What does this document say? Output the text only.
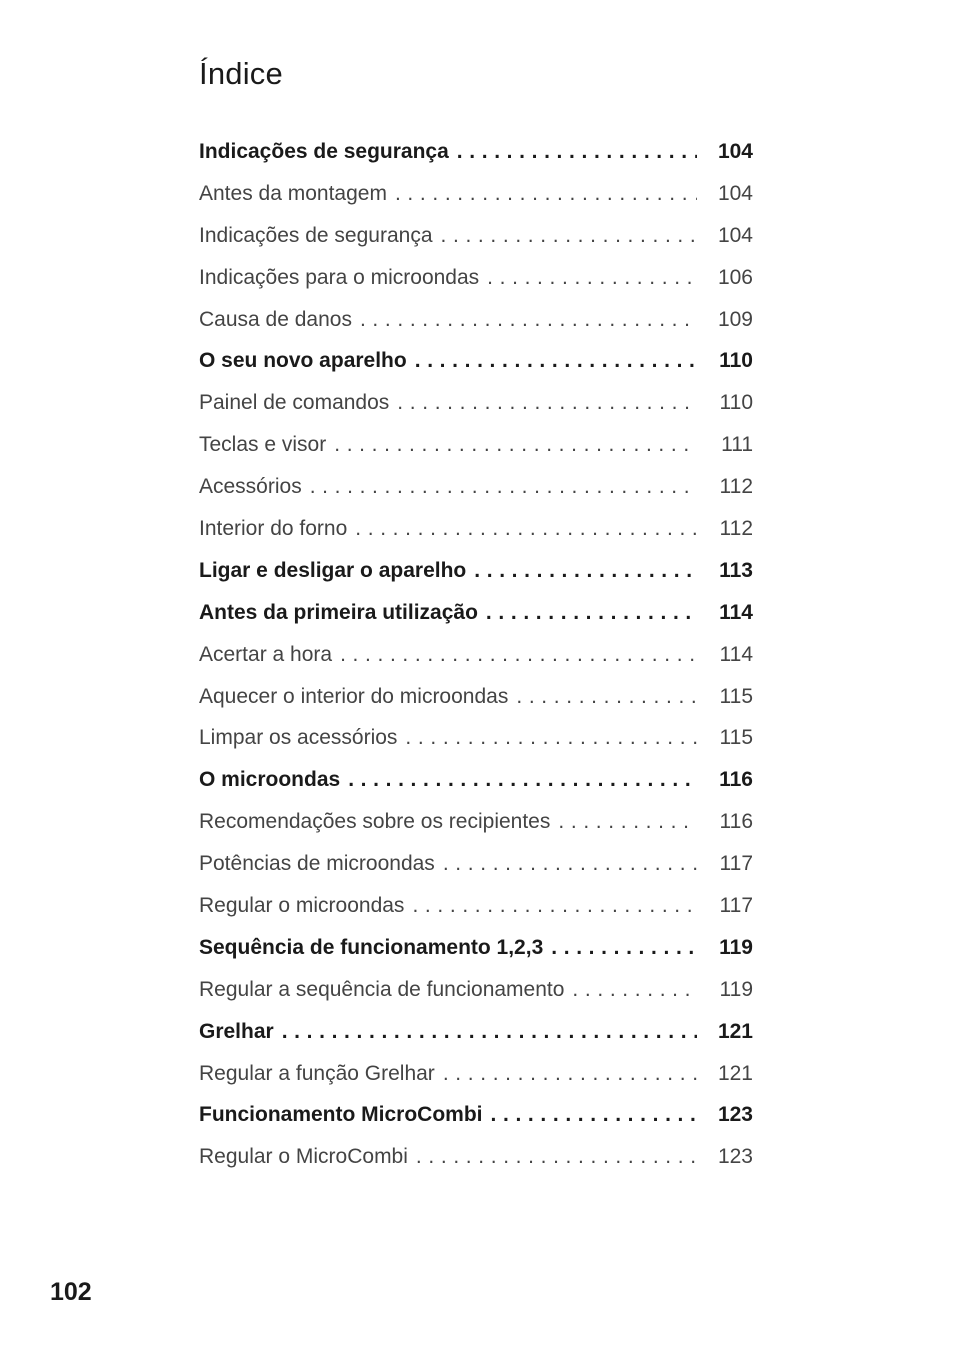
Índice
Indicações de segurança . . .	104
Antes da montagem . . .	104
Indicações de segurança . . .	104
Indicações para o microondas . . .	106
Causa de danos . . .	109
O seu novo aparelho . . .	110
Painel de comandos . . .	110
Teclas e visor . . .	111
Acessórios . . .	112
Interior do forno . . .	112
Ligar e desligar o aparelho . . .	113
Antes da primeira utilização . . .	114
Acertar a hora . . .	114
Aquecer o interior do microondas . . .	115
Limpar os acessórios . . .	115
O microondas . . .	116
Recomendações sobre os recipientes . . .	116
Potências de microondas . . .	117
Regular o microondas . . .	117
Sequência de funcionamento 1,2,3 . . .	119
Regular a sequência de funcionamento . . .	119
Grelhar . . .	121
Regular a função Grelhar . . .	121
Funcionamento MicroCombi . . .	123
Regular o MicroCombi . . .	123
102
